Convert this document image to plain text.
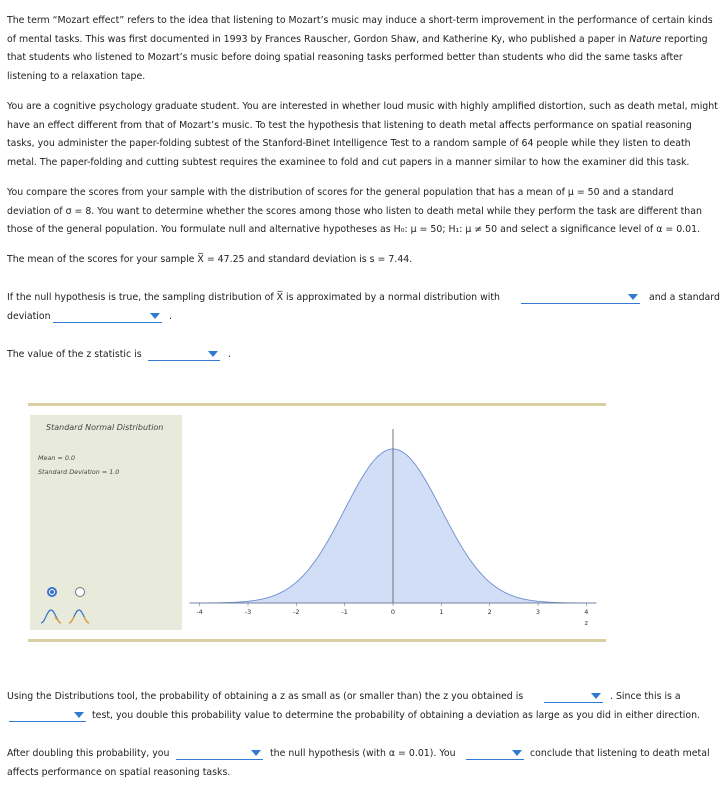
The term “Mozart effect” refers to the idea that listening to Mozart’s music may induce a short-term improvement in the performance of certain kinds
of mental tasks. This was first documented in 1993 by Frances Rauscher, Gordon Shaw, and Katherine Ky, who published a paper in Nature reporting
that students who listened to Mozart’s music before doing spatial reasoning tasks performed better than students who did the same tasks after
listening to a relaxation tape.
You are a cognitive psychology graduate student. You are interested in whether loud music with highly amplified distortion, such as death metal, might
have an effect different from that of Mozart’s music. To test the hypothesis that listening to death metal affects performance on spatial reasoning
tasks, you administer the paper-folding subtest of the Stanford-Binet Intelligence Test to a random sample of 64 people while they listen to death
metal. The paper-folding and cutting subtest requires the examinee to fold and cut papers in a manner similar to how the examiner did this task.
You compare the scores from your sample with the distribution of scores for the general population that has a mean of μ = 50 and a standard
deviation of σ = 8. You want to determine whether the scores among those who listen to death metal while they perform the task are different than
those of the general population. You formulate null and alternative hypotheses as H₀: μ = 50; H₁: μ ≠ 50 and select a significance level of α = 0.01.
The mean of the scores for your sample X̅ = 47.25 and standard deviation is s = 7.44.
If the null hypothesis is true, the sampling distribution of X̅ is approximated by a normal distribution with	and a standard
deviation	.
The value of the z statistic is	.
Standard Normal Distribution
Mean = 0.0
Standard Deviation = 1.0
-4	-3	-2	-1	0	1	2	3	4
z
Using the Distributions tool, the probability of obtaining a z as small as (or smaller than) the z you obtained is	. Since this is a
test, you double this probability value to determine the probability of obtaining a deviation as large as you did in either direction.
After doubling this probability, you	the null hypothesis (with α = 0.01). You	conclude that listening to death metal
affects performance on spatial reasoning tasks.
